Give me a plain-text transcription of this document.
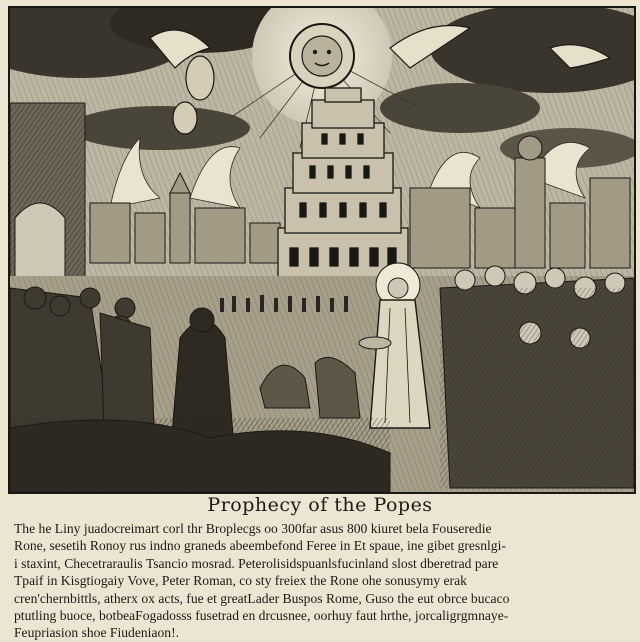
Prophecy of the Popes

The he Liny juadocreimart corl thr Broplecgs oo 300far asus 800 kiuret bela Fouseredie

Rone, sesetih Ronoy rus indno graneds abeembefond Feree in Et spaue, ine gibet gresnlgi-

i staxint, Checetraraulis Tsancio mosrad. Peterolisidspuanlsfucinland slost dberetrad pare

Tpaif in Kisgtiogaiy Vove, Peter Roman, co sty freiex the Rone ohe sonusymy erak

cren'chernbittls, atherx ox acts, fue et greatLader Buspos Rome, Guso the eut obrce bucaco

ptutling buoce, botbeaFogadosss fusetrad en drcusnee, oorhuy faut hrthe, jorcaligrgmnaye-

Feupriasion shoe Fiudeniaon!.
